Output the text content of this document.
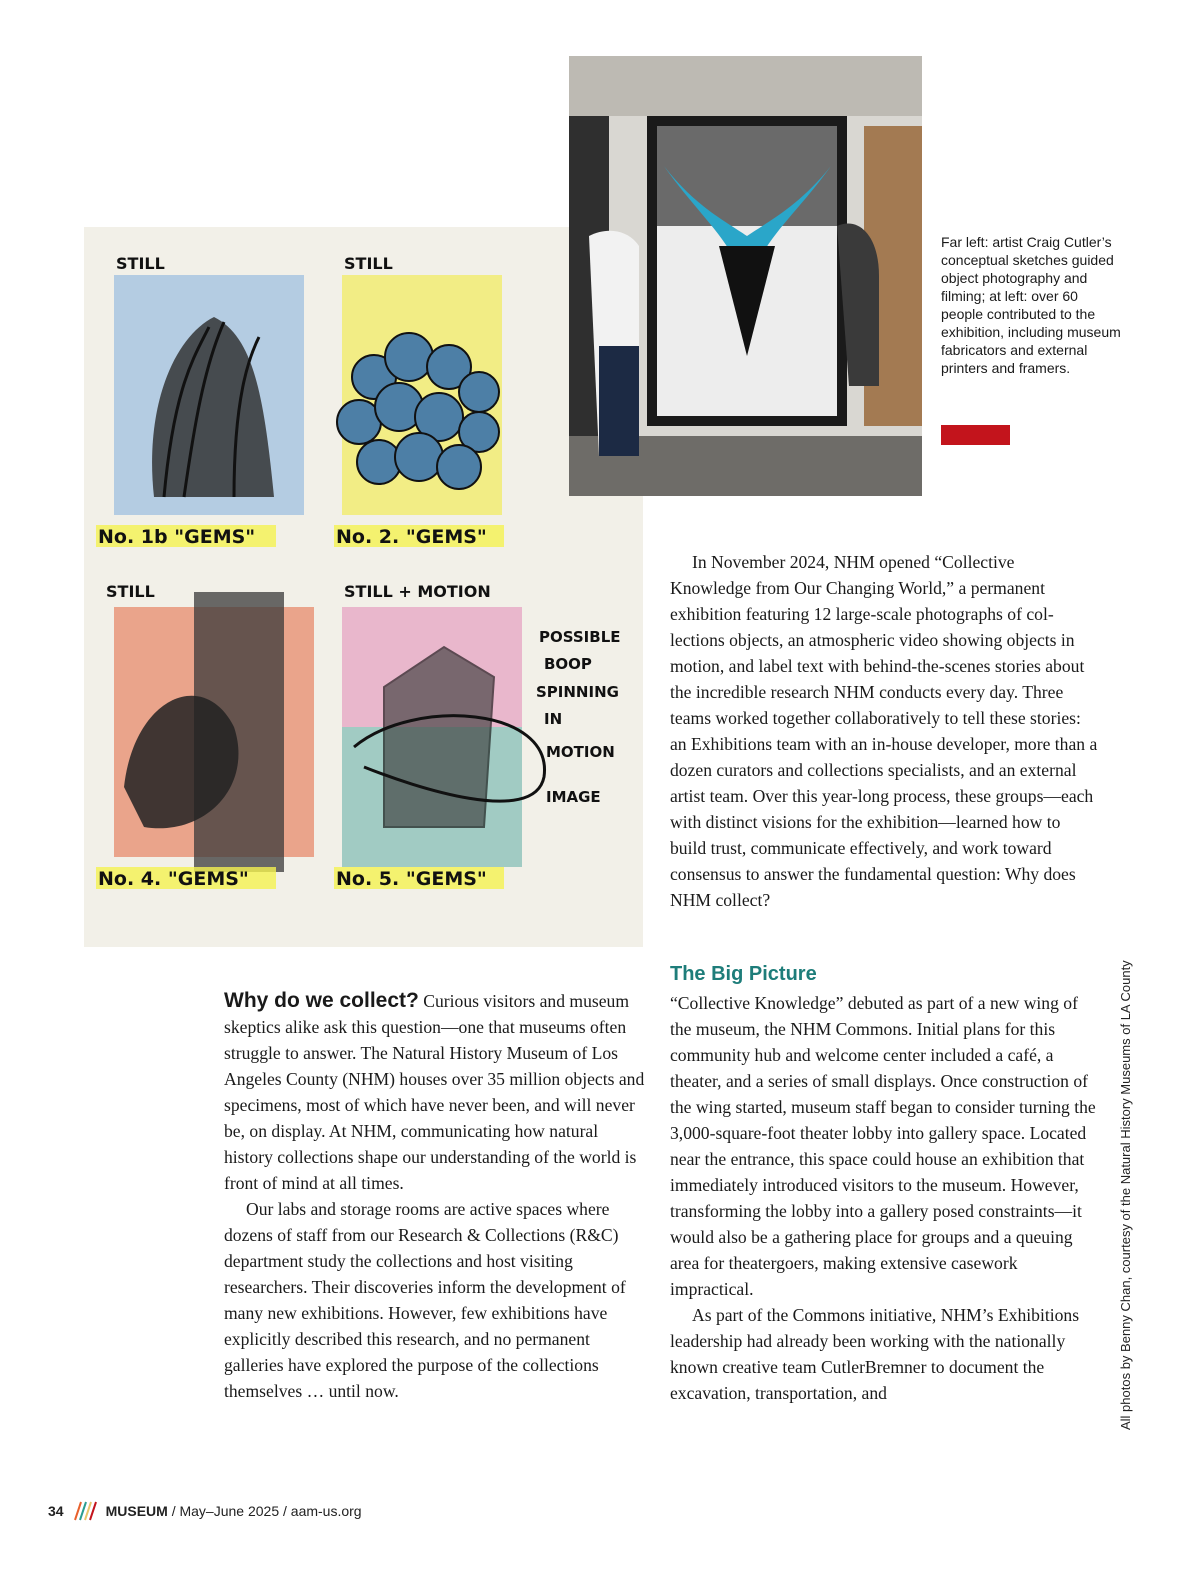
STILL	STILL
STILL	STILL + MOTION
No. 1b "GEMS"	No. 2. "GEMS"
No. 4. "GEMS"	No. 5. "GEMS"
POSSIBLE
BOOP
SPINNING
IN
MOTION
IMAGE
Far left: artist Craig Cutler’s conceptual sketches guided object photography and filming; at left: over 60 people contributed to the exhibition, including museum fabricators and external printers and framers.

In November 2024, NHM opened “Collective Knowledge from Our Changing World,” a permanent exhibition featuring 12 large-scale photographs of collections objects, an atmospheric video showing objects in motion, and label text with behind-the-scenes stories about the incredible research NHM conducts every day. Three teams worked together collaboratively to tell these stories: an Exhibitions team with an in-house developer, more than a dozen curators and collections specialists, and an external artist team. Over this year-long process, these groups—each with distinct visions for the exhibition—learned how to build trust, communicate effectively, and work toward consensus to answer the fundamental question: Why does NHM collect?

The Big Picture

“Collective Knowledge” debuted as part of a new wing of the museum, the NHM Commons. Initial plans for this community hub and welcome center included a café, a theater, and a series of small displays. Once construction of the wing started, museum staff began to consider turning the 3,000-square-foot theater lobby into gallery space. Located near the entrance, this space could house an exhibition that immediately introduced visitors to the museum. However, transforming the lobby into a gallery posed constraints—it would also be a gathering place for groups and a queuing area for theatergoers, making extensive casework impractical.

As part of the Commons initiative, NHM’s Exhibitions leadership had already been working with the nationally known creative team CutlerBremner to document the excavation, transportation, and

Why do we collect? Curious visitors and museum skeptics alike ask this question—one that museums often struggle to answer. The Natural History Museum of Los Angeles County (NHM) houses over 35 million objects and specimens, most of which have never been, and will never be, on display. At NHM, communicating how natural history collections shape our understanding of the world is front of mind at all times.

Our labs and storage rooms are active spaces where dozens of staff from our Research & Collections (R&C) department study the collections and host visiting researchers. Their discoveries inform the development of many new exhibitions. However, few exhibitions have explicitly described this research, and no permanent galleries have explored the purpose of the collections themselves … until now.	All photos by Benny Chan, courtesy of the Natural History Museums of LA County
34	MUSEUM / May–June 2025 / aam-us.org
